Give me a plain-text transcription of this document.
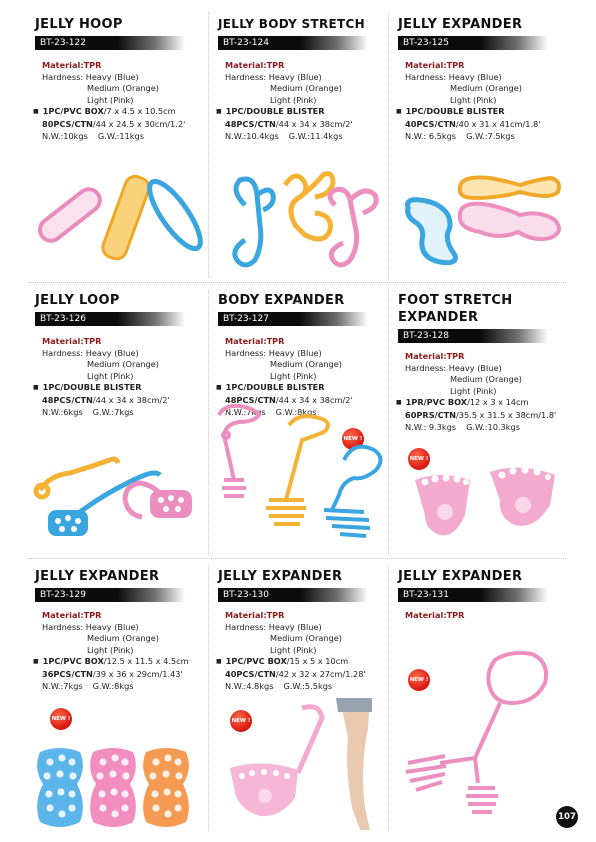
JELLY HOOP
BT-23-122
Material:TPR
Hardness: Heavy (Blue)
Medium (Orange)
Light (Pink)
■ 1PC/PVC BOX/7 x 4.5 x 10.5cm
80PCS/CTN/44 x 24.5 x 30cm/1.2'
N.W.:10kgs G.W.:11kgs
JELLY BODY STRETCH
BT-23-124
Material:TPR
Hardness: Heavy (Blue)
Medium (Orange)
Light (Pink)
■ 1PC/DOUBLE BLISTER
48PCS/CTN/44 x 34 x 38cm/2'
N.W.:10.4kgs G.W.:11.4kgs
JELLY EXPANDER
BT-23-125
Material:TPR
Hardness: Heavy (Blue)
Medium (Orange)
Light (Pink)
■ 1PC/DOUBLE BLISTER
40PCS/CTN/40 x 31 x 41cm/1.8'
N.W.: 6.5kgs G.W.:7.5kgs
JELLY LOOP
BT-23-126
Material:TPR
Hardness: Heavy (Blue)
Medium (Orange)
Light (Pink)
■ 1PC/DOUBLE BLISTER
48PCS/CTN/44 x 34 x 38cm/2'
N.W.:6kgs G.W.:7kgs
BODY EXPANDER
BT-23-127
Material:TPR
Hardness: Heavy (Blue)
Medium (Orange)
Light (Pink)
■ 1PC/DOUBLE BLISTER
48PCS/CTN/44 x 34 x 38cm/2'
N.W.:7kgs G.W.:8kgs
NEW !
FOOT STRETCH
EXPANDER
BT-23-128
Material:TPR
Hardness: Heavy (Blue)
Medium (Orange)
Light (Pink)
■ 1PR/PVC BOX/12 x 3 x 14cm
60PRS/CTN/35.5 x 31.5 x 38cm/1.8'
N.W.: 9.3kgs G.W.:10.3kgs
NEW !
JELLY EXPANDER
BT-23-129
Material:TPR
Hardness: Heavy (Blue)
Medium (Orange)
Light (Pink)
■ 1PC/PVC BOX/12.5 x 11.5 x 4.5cm
36PCS/CTN/39 x 36 x 29cm/1.43'
N.W.:7kgs G.W.:8kgs
NEW !
JELLY EXPANDER
BT-23-130
Material:TPR
Hardness: Heavy (Blue)
Medium (Orange)
Light (Pink)
■ 1PC/PVC BOX/15 x 5 x 10cm
40PCS/CTN/42 x 32 x 27cm/1.28'
N.W.:4.8kgs G.W.:5.5kgs
NEW !
JELLY EXPANDER
BT-23-131
Material:TPR
NEW !
107
